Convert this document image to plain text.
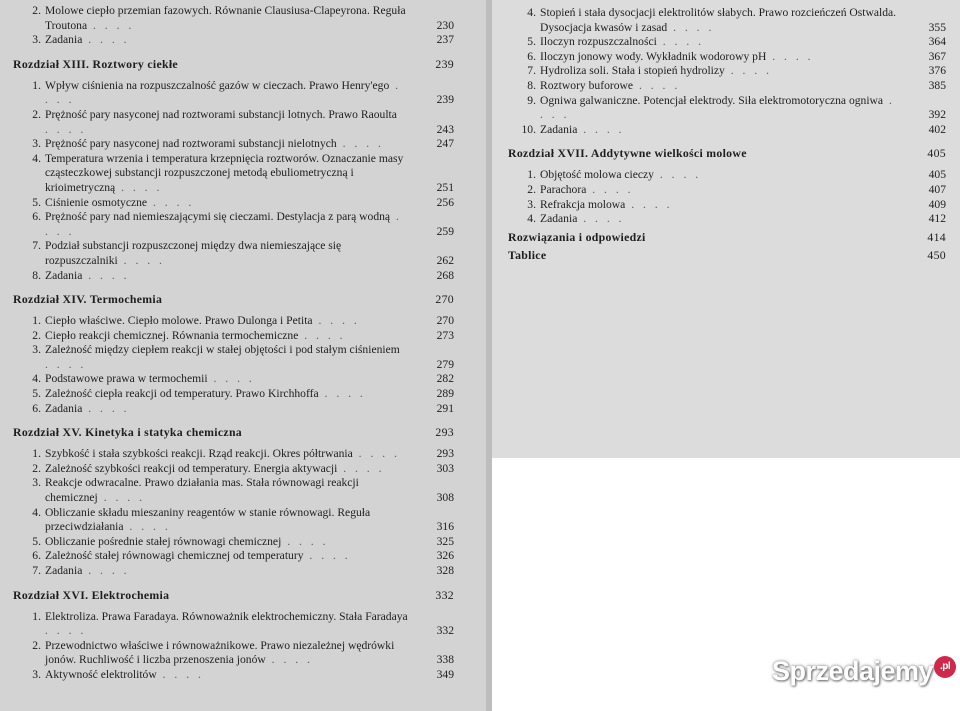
2. Molowe ciepło przemian fazowych. Równanie Clausiusa-Clapeyrona. Reguła Troutona . . . .	230
3. Zadania . . . .	237
Rozdział XIII. Roztwory ciekłe	239
1. Wpływ ciśnienia na rozpuszczalność gazów w cieczach. Prawo Henry'ego . . . .	239
2. Prężność pary nasyconej nad roztworami substancji lotnych. Prawo Raoulta . . . .	243
3. Prężność pary nasyconej nad roztworami substancji nielotnych . . . .	247
4. Temperatura wrzenia i temperatura krzepnięcia roztworów. Oznaczanie masy cząsteczkowej substancji rozpuszczonej metodą ebuliometryczną i krioimetryczną . . . .	251
5. Ciśnienie osmotyczne . . . .	256
6. Prężność pary nad niemieszającymi się cieczami. Destylacja z parą wodną . . . .	259
7. Podział substancji rozpuszczonej między dwa niemieszające się rozpuszczalniki . . . .	262
8. Zadania . . . .	268
Rozdział XIV. Termochemia	270
1. Ciepło właściwe. Ciepło molowe. Prawo Dulonga i Petita . . . .	270
2. Ciepło reakcji chemicznej. Równania termochemiczne . . . .	273
3. Zależność między ciepłem reakcji w stałej objętości i pod stałym ciśnieniem . . . .	279
4. Podstawowe prawa w termochemii . . . .	282
5. Zależność ciepła reakcji od temperatury. Prawo Kirchhoffa . . . .	289
6. Zadania . . . .	291
Rozdział XV. Kinetyka i statyka chemiczna	293
1. Szybkość i stała szybkości reakcji. Rząd reakcji. Okres półtrwania . . . .	293
2. Zależność szybkości reakcji od temperatury. Energia aktywacji . . . .	303
3. Reakcje odwracalne. Prawo działania mas. Stała równowagi reakcji chemicznej . . . .	308
4. Obliczanie składu mieszaniny reagentów w stanie równowagi. Reguła przeciwdziałania . . . .	316
5. Obliczanie pośrednie stałej równowagi chemicznej . . . .	325
6. Zależność stałej równowagi chemicznej od temperatury . . . .	326
7. Zadania . . . .	328
Rozdział XVI. Elektrochemia	332
1. Elektroliza. Prawa Faradaya. Równoważnik elektrochemiczny. Stała Faradaya . . . .	332
2. Przewodnictwo właściwe i równoważnikowe. Prawo niezależnej wędrówki jonów. Ruchliwość i liczba przenoszenia jonów . . . .	338
3. Aktywność elektrolitów . . . .	349
4. Stopień i stała dysocjacji elektrolitów słabych. Prawo rozcieńczeń Ostwalda. Dysocjacja kwasów i zasad . . . .	355
5. Iloczyn rozpuszczalności . . . .	364
6. Iloczyn jonowy wody. Wykładnik wodorowy pH . . . .	367
7. Hydroliza soli. Stała i stopień hydrolizy . . . .	376
8. Roztwory buforowe . . . .	385
9. Ogniwa galwaniczne. Potencjał elektrody. Siła elektromotoryczna ogniwa . . . .	392
10. Zadania . . . .	402
Rozdział XVII. Addytywne wielkości molowe	405
1. Objętość molowa cieczy . . . .	405
2. Parachora . . . .	407
3. Refrakcja molowa . . . .	409
4. Zadania . . . .	412
Rozwiązania i odpowiedzi	414
Tablice	450
Sprzedajemy .pl
